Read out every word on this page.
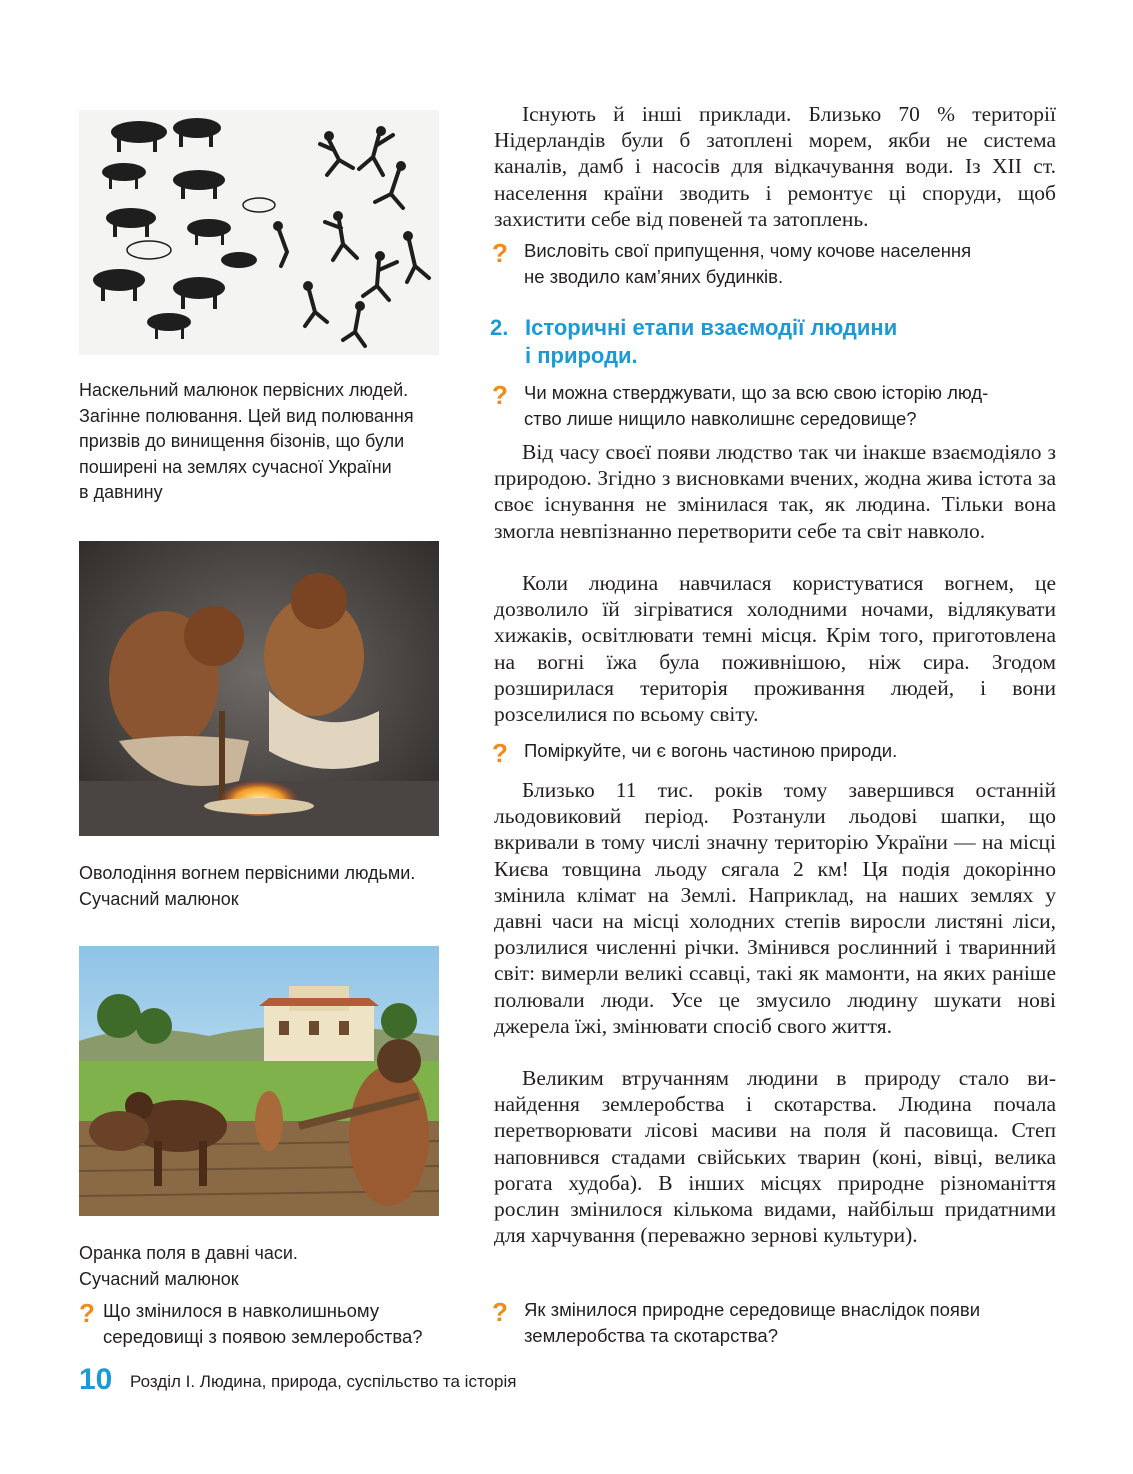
Наскельний малюнок первісних людей.
Загінне полювання. Цей вид полювання
призвів до винищення бізонів, що були
поширені на землях сучасної України
в давнину

Оволодіння вогнем первісними людьми.
Сучасний малюнок

Оранка поля в давні часи.
Сучасний малюнок

? Що змінилося в навколишньому
середовищі з появою землеробства?

Існують й інші приклади. Близько 70 % території Нідерландів були б затоплені морем, якби не система каналів, дамб і насосів для відкачування води. Із XII ст. населення країни зводить і ремонтує ці споруди, щоб захистити себе від повеней та затоплень.

? Висловіть свої припущення, чому кочове населення
не зводило кам’яних будинків.
2. Історичні етапи взаємодії людини
і природи.
? Чи можна стверджувати, що за всю свою історію люд-
ство лише нищило навколишнє середовище?

Від часу своєї появи людство так чи інакше взаємодіяло з природою. Згідно з висновками вчених, жодна жива істота за своє існування не змінилася так, як людина. Тільки вона змогла невпізнанно перетворити себе та світ навколо.

Коли людина навчилася користуватися вогнем, це дозволило їй зігріватися холодними ночами, відлякувати хижаків, освітлювати темні місця. Крім того, приготовлена на вогні їжа була поживнішою, ніж сира. Згодом розширилася територія проживання людей, і вони розселилися по всьому світу.

? Поміркуйте, чи є вогонь частиною природи.

Близько 11 тис. років тому завершився останній льодовиковий період. Розтанули льодові шапки, що вкривали в тому числі значну територію України — на місці Києва товщина льоду сягала 2 км! Ця подія докорінно змінила клімат на Землі. Наприклад, на наших землях у давні часи на місці холодних степів виросли листяні ліси, розлилися численні річки. Змінився рослинний і тваринний світ: вимерли великі ссавці, такі як мамонти, на яких раніше полювали люди. Усе це змусило людину шукати нові джерела їжі, змінювати спосіб свого життя.

Великим втручанням людини в природу стало винайдення землеробства і скотарства. Людина почала перетворювати лісові масиви на поля й пасовища. Степ наповнився стадами свійських тварин (коні, вівці, велика рогата худоба). В інших місцях природне різноманіття рослин змінилося кількома видами, найбільш придатними для харчування (переважно зернові культури).

? Як змінилося природне середовище внаслідок появи
землеробства та скотарства?
10 Розділ І. Людина, природа, суспільство та історія
